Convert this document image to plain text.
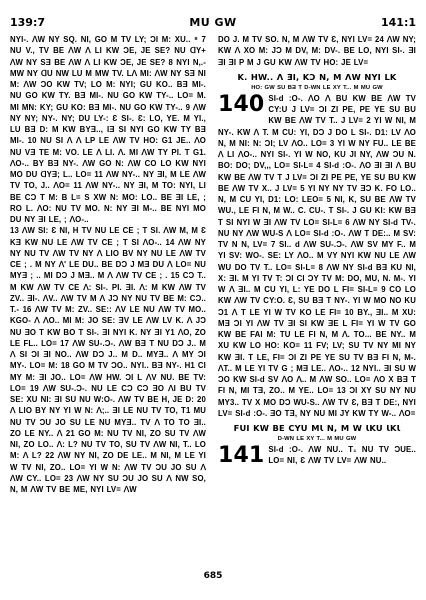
139:7	MU GW	141:1

NYI-. ᐱW NY SQ. NI, GO M TV LY; ƆI M: XU.. ⁸ 7 NU V., TV BE ᐱW ᐱ LI KW ƆE, JE SE? NU ᗡY+ ᐱW NY SƎ BE ᐱW ᐱ LI KW ƆE, JE SE? 8 NYI N,.- MW NY ᗡU NW LU M MW TV. Lᐱ MI: ᐱW NY SƎ NI M: ᐱW ƆO KW TV; LO M: NYI; GU KO.. BƎ MI-. NU GO KW TY. BƎ MI-. NU GO KW TY-.. LO= M. MI MN: KY; GU KO: BƎ MI-. NU GO KW TY-.. 9 ᐱW NY NY; NY-. NY; DU LY-: Ɛ SI-. Ɛ: LO, YE. M YI., LU BƎ D: M KW BYƎ.., ΙƎ SI NYI GO KW TY BƎ MI-. 10 NU SI ᐱ ᐱ LP LE ᐱW TV HO: G1 JE.. ᐱO NU VƎ TE M: VO. LE ᐱ LI. ᐱ. MI ᐱW TY PI. T G1. ᐱO-.. BY BƎ NY-. ᐱW GO N: ᐱW CO LO KW NYI MO DU ᗡYƎ; L.. LO= 11 ᐱW NY-.. NY ƎI, M LE ᐱW TV TO, J.. ᐱO= 11 ᐱW NY-.. NY ƎI, M TO: NYI, LI BE CƆ T M: B L= S XW N: MO: LO.. BE ƎI LE, ; RO L. ᐱO: NU TV MO. N: NY ƎI M-.. BE NYI MO DU NY ƎI LE, ; ᐱO-..

13 ᐱW SI: Ɛ NI, H TV NU LE CE ; T SI. ᐱW M, M Ɛ KƎ KW NU LE ᐱW TV CE ; T SI ᐱO-.. 14 ᐱW NY NY NU TV ᐱW TV NY ᐱ LIO BV NY NU LE ᐱW TV CE ; . M NY ᐱ' LE DU.. BE DƆ J MƎ DU ᐱ LO= NU MYƎ ; .. MI DƆ J MƎ.. M ᐱ ᐱW TV CE ; . 15 CƆ T.. M KW ᐱW TV CE ᐱ: SI-. PI. ƎI. ᐱ: M KW ᐱW TV ZV.. ƎI-. ᐱV.. ᐱW TV M ᐱ JƆ NY NU TV BE M: CƆ.. T.- 16 ᐱW TV M: ZV.. SE:: ᐱV LE NU ᐱW TV MO.. KGO- ᐱ ᐱO.. MI M: JO SE: ƎV LE ᐱW LV K. ᐱ JƆ NU ƎO T KW BO T SI-. ƎI NYI K. NY ƎI Y1 ᐱO, ZO LE FL.. LO= 17 ᐱW SU-.Ɔ-. ᐱW BƎ T NU DƆ J.. M ᐱ SI ƆI ƎI NO.. ᐱW DƆ J.. M D.. MYƎ.. ᐱ MY ƆI MY-. LO= M: 18 GO M TV ƆO.. NYI.. BƎ NY-. H1 CI MY M: ƎI JO.. LO= ᐱW HW. ƆI L ᐱV NU. BE TV: LO= 19 ᐱW SU-.Ɔ-. NU LE CƆ CƆ ƎO ᐱI BU TV SE: XU NI: ƎI SU NU W:O-. ᐱW TV BE H, JE D: 20 ᐱ LIO BY NY YI W N: ᐱ;.. ƎI LE NU TV TO, T1 MU NU TV ƆU JO SU LE NU MYƎ.. TV ᐱ TO TO ƎI.. ZO LE NY.. ᐱ 21 GO M: NU TV NI, ZO SU TV ᐱW NI, ZO LO.. ᐱ: L? NU TV TO, SU TV ᐱW NI, T.. LO M: ᐱ L? 22 ᐱW NY NI, ZO DE LE.. M NI, M LE YI W TV NI, ZO.. LO= YI W N: ᐱW TV ƆU JO SU ᐱ ᐱW CY.. LO= 23 ᐱW NY SU ƆU JO SU ᐱ NW SO, N, M ᐱW TV BE ME, NYI LV= ᐱW

DO J. M TV SO. N, M ᐱW TV Ɛ, NYI LV= 24 ᐱW NY; KW ᐱ XO M: JƆ M DV, M: DV-. BE LO, NYI SI-. ƎI ƎI ƎI P M J GU KW ᐱW TV HO: JE LV=

K. HW.. ᐱ ƎI, KƆ N, M ᐱW NYI LK
HO: GW SU BƎ T D-WN LE XY T... M MU GW

140 SI-d :O-. ᐱO ᐱ BU KW BE ᐱW TV CY:U J LV= ƆI ZI PE, PE YE SU BU KW BE ᐱW TV T.. J LV= 2 YI W NI, M NY-. KW ᐱ T. M CU: YI, DƆ J DO L SI-. D1: LV ᐱO N, M NI: N: ƆI; LV ᐱO.. LO= 3 YI W NY FU.. LE BE ᐱ LI ᐱO-.. NYI SI-. YI W NO, KU JI NY, ᐱW ƆU N. BO: DO; DV,,, LO= SI-L= 4 SI-d :O-. ᐱO ƎI ƎI ᐱ BU KW BE ᐱW TV T J LV= ƆI ZI PE PE, YE SU BU KW BE ᐱW TV X.. J LV= 5 YI NY NY TV ƎƆ K. FO LO.. N, M CU YI, D1: LO: LEO= 5 NI, K, SU BE ᐱW TV WU., LE FI N, M W.. C. CU-. T SI-. J GU KI: KW BƎ T SI NYI W ƎI ᐱW TV LO= SI-L= 6 ᐱW NY SI-d TV-. NU NY ᐱW WU-S ᐱ LO= SI-d :O-. ᐱW T DE:.. M SV: TV N N, LV= 7 SI.. d ᐱW SU-.Ɔ-. ᐱW SV MY F.. M YI SV: WO-. SE: LY ᐱO.. M VY NYI KW NU LE ᐱW WU DO TV T.. LO= SI-L= 8 ᐱW NY SI-d BƎ KU NI, X: ƎI. M YI TV T: ƆI CI ƆY TV M: DO, MU, N. M-. YI W ᐱ ƎI.. M CU YI, L: YE DO L FI= SI-L= 9 CO LO KW ᐱW TV CY:O. Ɛ, SU BƎ T NY-. YI W MO NO KU Ɔ1 ᐱ T LE YI W TV KO LE FI= 10 BY., ƎI.. M XU: MƎ ƆI YI ᐱW TV ƎI SI KW ƎE L FI= YI W TV GO KW BE FAI M: TU LE FI N, M ᐱ. TO... BE NY.. M XU KW LO HO: KO= 11 FV; LV; SU TV NY MI NY KW ƎI. T LE, FI= ƆI ZI PE YE SU TV BƎ FI N, M-. ᐱT.. M LE YI TV G ; MƎ LE.. ᐱO-.. 12 NYI.. ƎI SU W ƆO KW SI-d SV ᐱO ᐱ.. M ᐱW SO.. LO= ᐱO X BƎ T FI N, MI TƎ, ZO.. M YE.. LO= 13 ƆI XY SU NY NU MY3.. TV X MO DƆ WU-S.. ᐱW TV Ɛ, BƎ T DE:, NYI LV= SI-d :O-. ƎO TƎ, NY NU MI JY KW TY W-.. ᐱO=

FUI KW BE CYU MƖ N, M W ƖKU ƖKƖ
D-WN LE XY T... M MU GW

141 SI-d :O-. ᐱW NU.. T₁ NU TV ƆUE.. LO= NI, Ɛ ᐱW TV LV= ᐱW NU..

685
